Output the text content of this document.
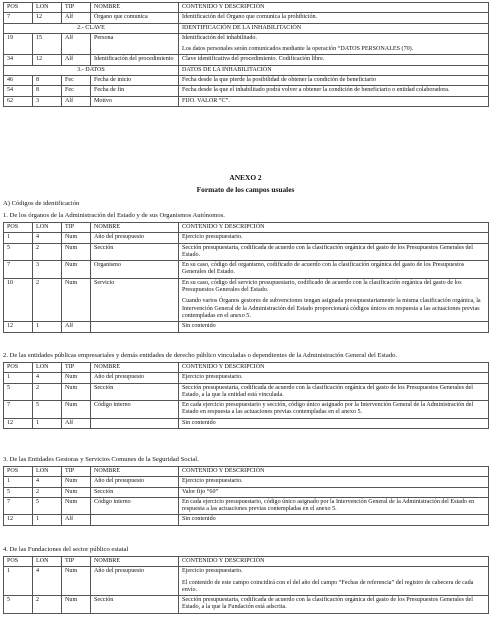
POS	LON	TIP	NOMBRE	CONTENIDO Y DESCRIPCIÓN
7	12	Alf	Órgano que comunica	Identificación del Órgano que comunica la prohibición.
2.- CLAVE				IDENTIFICACIÓN DE LA INHABILITACIÓN
19	15	Alf	Persona	Identificación del inhabilitado.

Los datos personales serán comunicados mediante la operación “DATOS PERSONALES (70).

34	12	Alf	Identificación del procedimiento	Clave identificativa del procedimiento. Codificación libre.
3.- DATOS				DATOS DE LA INHABILITACIÓN
46	8	Fec	Fecha de inicio	Fecha desde la que pierde la posibilidad de obtener la condición de beneficiario
54	8	Fec	Fecha de fin	Fecha desde la que el inhabilitado podrá volver a obtener la condición de beneficiario o entidad colaboradora.
62	3	Alf	Motivo	FIJO. VALOR “C”.
ANEXO 2
Formato de los campos usuales
A) Códigos de identificación
1. De los órganos de la Administración del Estado y de sus Organismos Autónomos.
POS	LON	TIP	NOMBRE	CONTENIDO Y DESCRIPCIÓN
1	4	Num	Año del presupuesto	Ejercicio presupuestario.
5	2	Num	Sección	Sección presupuestaria, codificada de acuerdo con la clasificación orgánica del gasto de los Presupuestos Generales del Estado.
7	3	Num	Organismo	En su caso, código del organismo, codificado de acuerdo con la clasificación orgánica del gasto de los Presupuestos Generales del Estado.
10	2	Num	Servicio	En su caso, código del servicio presupuestario, codificado de acuerdo con la clasificación orgánica del gasto de los Presupuestos Generales del Estado.

Cuando varios Órganos gestores de subvenciones tengan asignada presupuestariamente la misma clasificación orgánica, la Intervención General de la Administración del Estado proporcionará códigos únicos en respuesta a las actuaciones previas contempladas en el anexo 5.

12	1	Alf		Sin contenido
2. De las entidades públicas empresariales y demás entidades de derecho público vinculadas o dependientes de la Administración General del Estado.
POS	LON	TIP	NOMBRE	CONTENIDO Y DESCRIPCIÓN
1	4	Num	Año del presupuesto	Ejercicio presupuestario.
5	2	Num	Sección	Sección presupuestaria, codificada de acuerdo con la clasificación orgánica del gasto de los Presupuestos Generales del Estado, a la que la entidad está vinculada.
7	5	Num	Código interno	En cada ejercicio presupuestario y sección, código único asignado por la Intervención General de la Administración del Estado en respuesta a las actuaciones previas contempladas en el anexo 5.
12	1	Alf		Sin contenido
3. De las Entidades Gestoras y Servicios Comunes de la Seguridad Social.
POS	LON	TIP	NOMBRE	CONTENIDO Y DESCRIPCIÓN
1	4	Num	Año del presupuesto	Ejercicio presupuestario.
5	2	Num	Sección	Valor fijo “60”
7	5	Num	Código interno	En cada ejercicio presupuestario, código único asignado por la Intervención General de la Administración del Estado en respuesta a las actuaciones previas contempladas en el anexo 5.
12	1	Alf		Sin contenido
4. De las Fundaciones del sector público estatal
POS	LON	TIP	NOMBRE	CONTENIDO Y DESCRIPCIÓN
1	4	Num	Año del presupuesto	Ejercicio presupuestario.

El contenido de este campo coincidirá con el del año del campo “Fechas de referencia” del registro de cabecera de cada envío.

5	2	Num	Sección	Sección presupuestaria, codificada de acuerdo con la clasificación orgánica del gasto de los Presupuestos Generales del Estado, a la que la Fundación está adscrita.
